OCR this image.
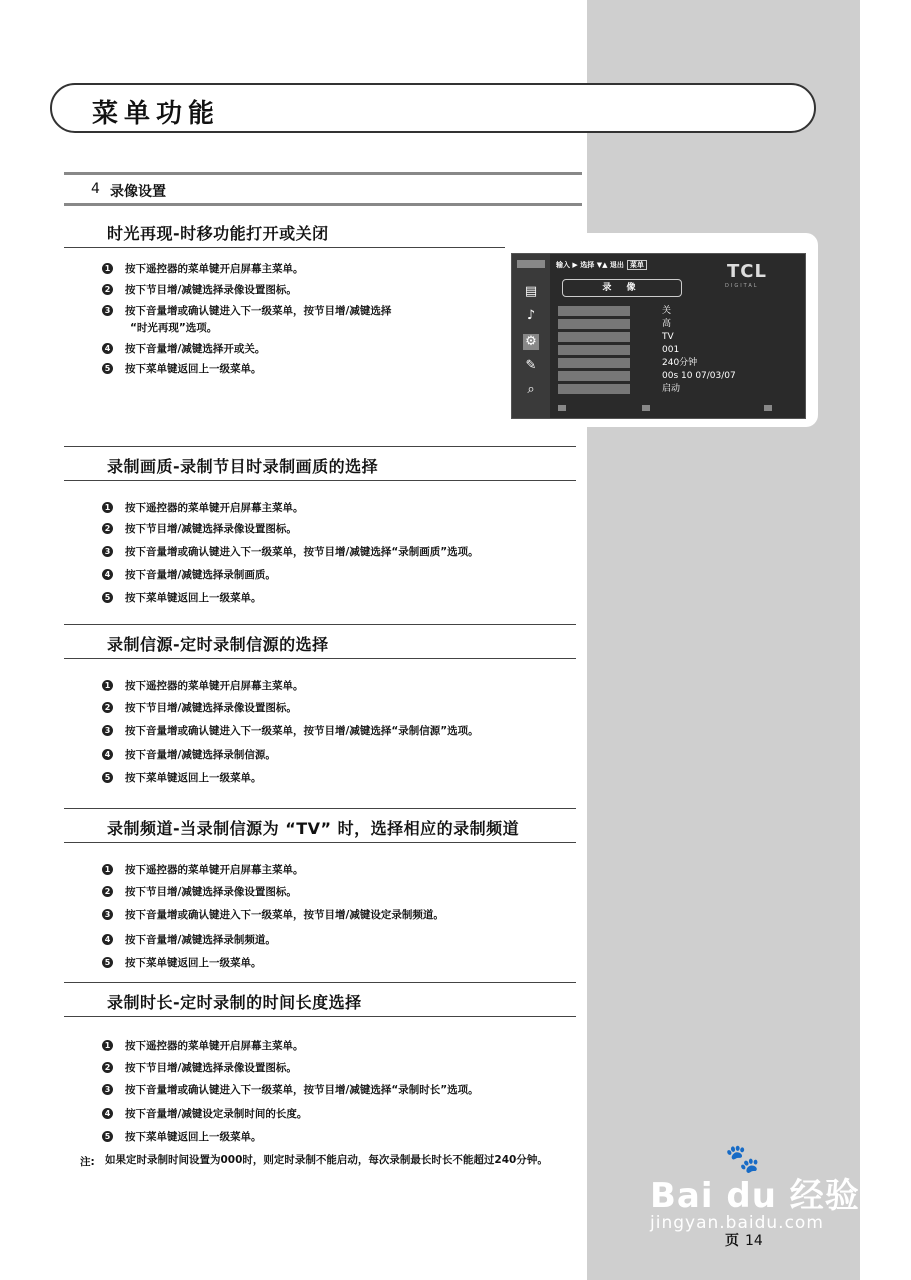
菜单功能
4 录像设置
时光再现-时移功能打开或关闭
1 按下遥控器的菜单键开启屏幕主菜单。
2 按下节目增/减键选择录像设置图标。
3 按下音量增或确认键进入下一级菜单，按节目增/减键选择
“时光再现”选项。
4 按下音量增/减键选择开或关。
5 按下菜单键返回上一级菜单。
▤
♪
⚙
✎
⌕
输入 ▶ 选择 ▼▲ 退出 菜单	TCL
DIGITAL
录 像
关
高
TV
001
240分钟
00s 10 07/03/07
启动
录制画质-录制节目时录制画质的选择
1 按下遥控器的菜单键开启屏幕主菜单。
2 按下节目增/减键选择录像设置图标。
3 按下音量增或确认键进入下一级菜单，按节目增/减键选择“录制画质”选项。
4 按下音量增/减键选择录制画质。
5 按下菜单键返回上一级菜单。
录制信源-定时录制信源的选择
1 按下遥控器的菜单键开启屏幕主菜单。
2 按下节目增/减键选择录像设置图标。
3 按下音量增或确认键进入下一级菜单，按节目增/减键选择“录制信源”选项。
4 按下音量增/减键选择录制信源。
5 按下菜单键返回上一级菜单。
录制频道-当录制信源为 “TV” 时，选择相应的录制频道
1 按下遥控器的菜单键开启屏幕主菜单。
2 按下节目增/减键选择录像设置图标。
3 按下音量增或确认键进入下一级菜单，按节目增/减键设定录制频道。
4 按下音量增/减键选择录制频道。
5 按下菜单键返回上一级菜单。
录制时长-定时录制的时间长度选择
1 按下遥控器的菜单键开启屏幕主菜单。
2 按下节目增/减键选择录像设置图标。
3 按下音量增或确认键进入下一级菜单，按节目增/减键选择“录制时长”选项。
4 按下音量增/减键设定录制时间的长度。
5 按下菜单键返回上一级菜单。
注: 如果定时录制时间设置为000时，则定时录制不能启动，每次录制最长时长不能超过240分钟。	🐾
Bai du 经验
jingyan.baidu.com
页 14
